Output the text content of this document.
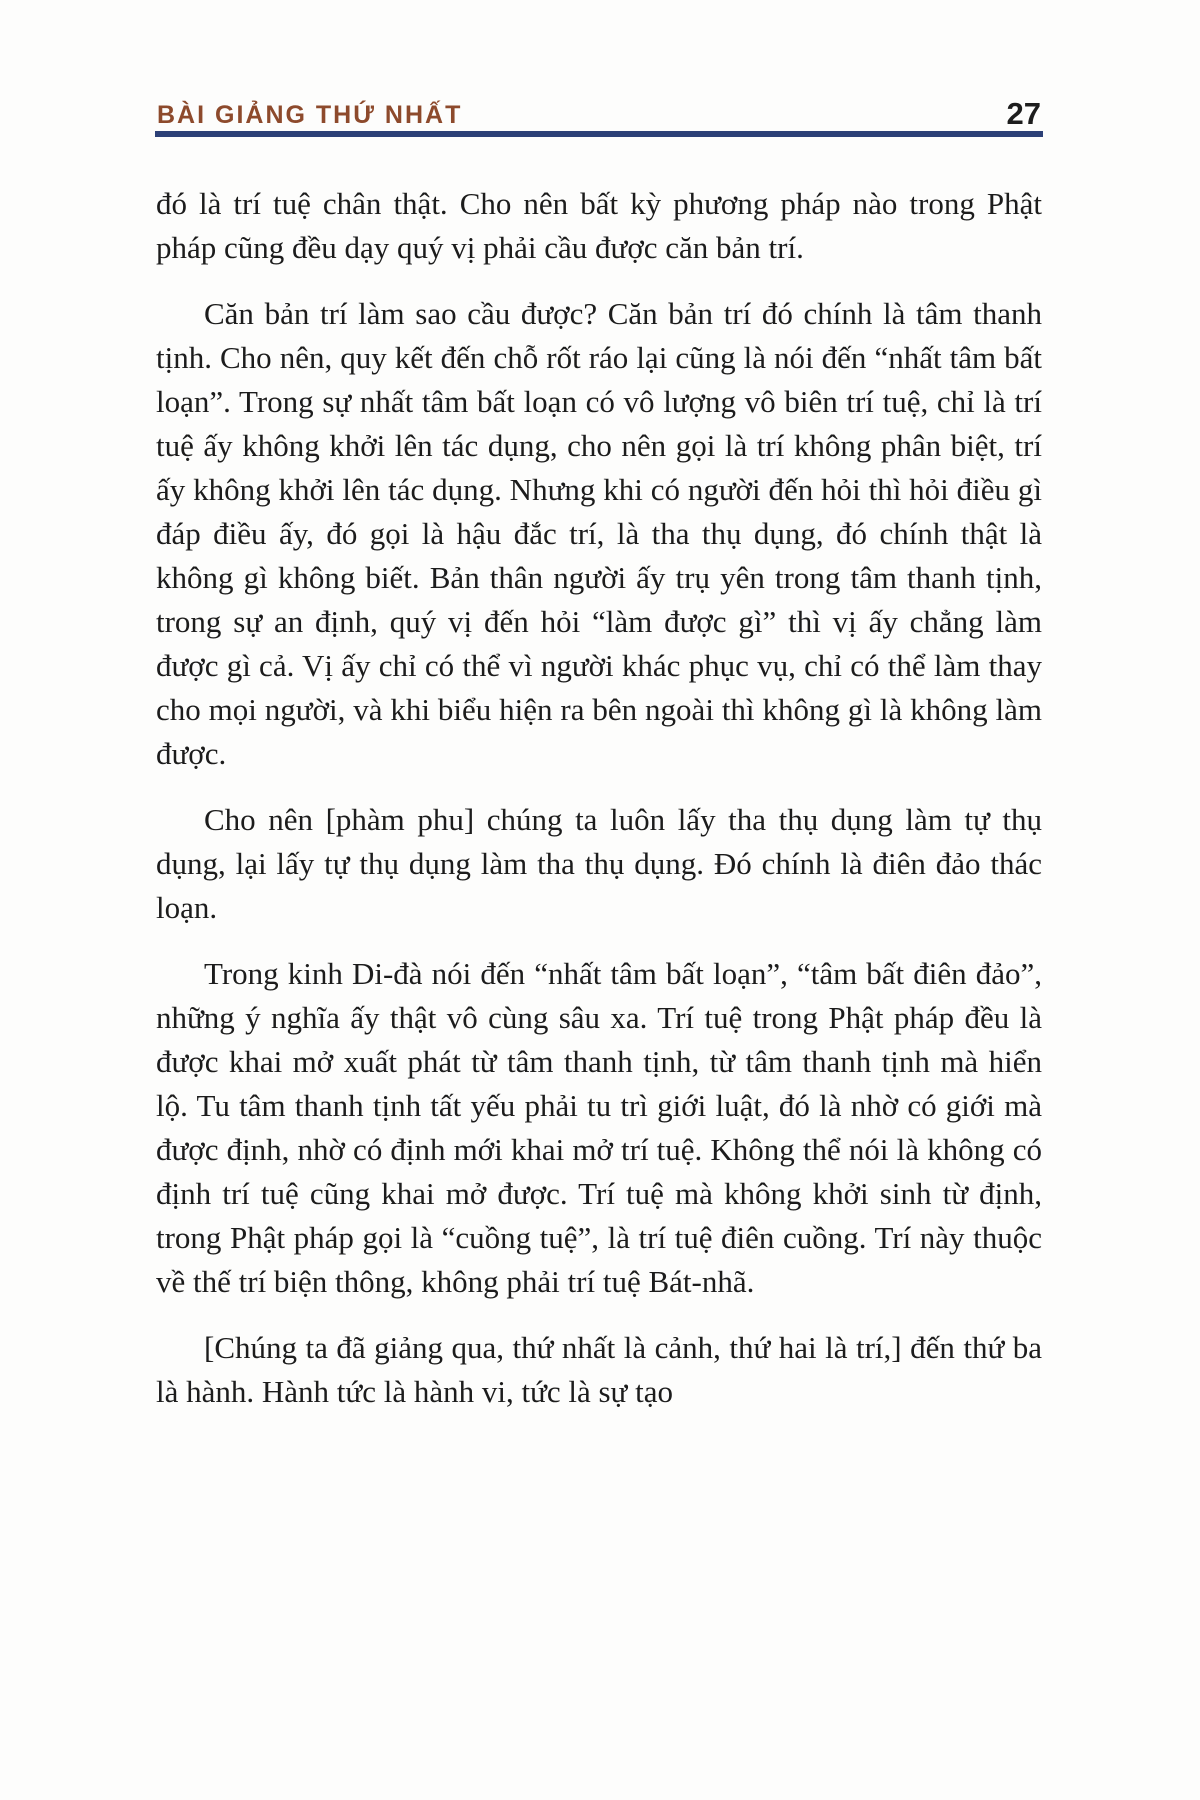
BÀI GIẢNG THỨ NHẤT	27

đó là trí tuệ chân thật. Cho nên bất kỳ phương pháp nào trong Phật pháp cũng đều dạy quý vị phải cầu được căn bản trí.

Căn bản trí làm sao cầu được? Căn bản trí đó chính là tâm thanh tịnh. Cho nên, quy kết đến chỗ rốt ráo lại cũng là nói đến “nhất tâm bất loạn”. Trong sự nhất tâm bất loạn có vô lượng vô biên trí tuệ, chỉ là trí tuệ ấy không khởi lên tác dụng, cho nên gọi là trí không phân biệt, trí ấy không khởi lên tác dụng. Nhưng khi có người đến hỏi thì hỏi điều gì đáp điều ấy, đó gọi là hậu đắc trí, là tha thụ dụng, đó chính thật là không gì không biết. Bản thân người ấy trụ yên trong tâm thanh tịnh, trong sự an định, quý vị đến hỏi “làm được gì” thì vị ấy chẳng làm được gì cả. Vị ấy chỉ có thể vì người khác phục vụ, chỉ có thể làm thay cho mọi người, và khi biểu hiện ra bên ngoài thì không gì là không làm được.

Cho nên [phàm phu] chúng ta luôn lấy tha thụ dụng làm tự thụ dụng, lại lấy tự thụ dụng làm tha thụ dụng. Đó chính là điên đảo thác loạn.

Trong kinh Di-đà nói đến “nhất tâm bất loạn”, “tâm bất điên đảo”, những ý nghĩa ấy thật vô cùng sâu xa. Trí tuệ trong Phật pháp đều là được khai mở xuất phát từ tâm thanh tịnh, từ tâm thanh tịnh mà hiển lộ. Tu tâm thanh tịnh tất yếu phải tu trì giới luật, đó là nhờ có giới mà được định, nhờ có định mới khai mở trí tuệ. Không thể nói là không có định trí tuệ cũng khai mở được. Trí tuệ mà không khởi sinh từ định, trong Phật pháp gọi là “cuồng tuệ”, là trí tuệ điên cuồng. Trí này thuộc về thế trí biện thông, không phải trí tuệ Bát-nhã.

[Chúng ta đã giảng qua, thứ nhất là cảnh, thứ hai là trí,] đến thứ ba là hành. Hành tức là hành vi, tức là sự tạo
